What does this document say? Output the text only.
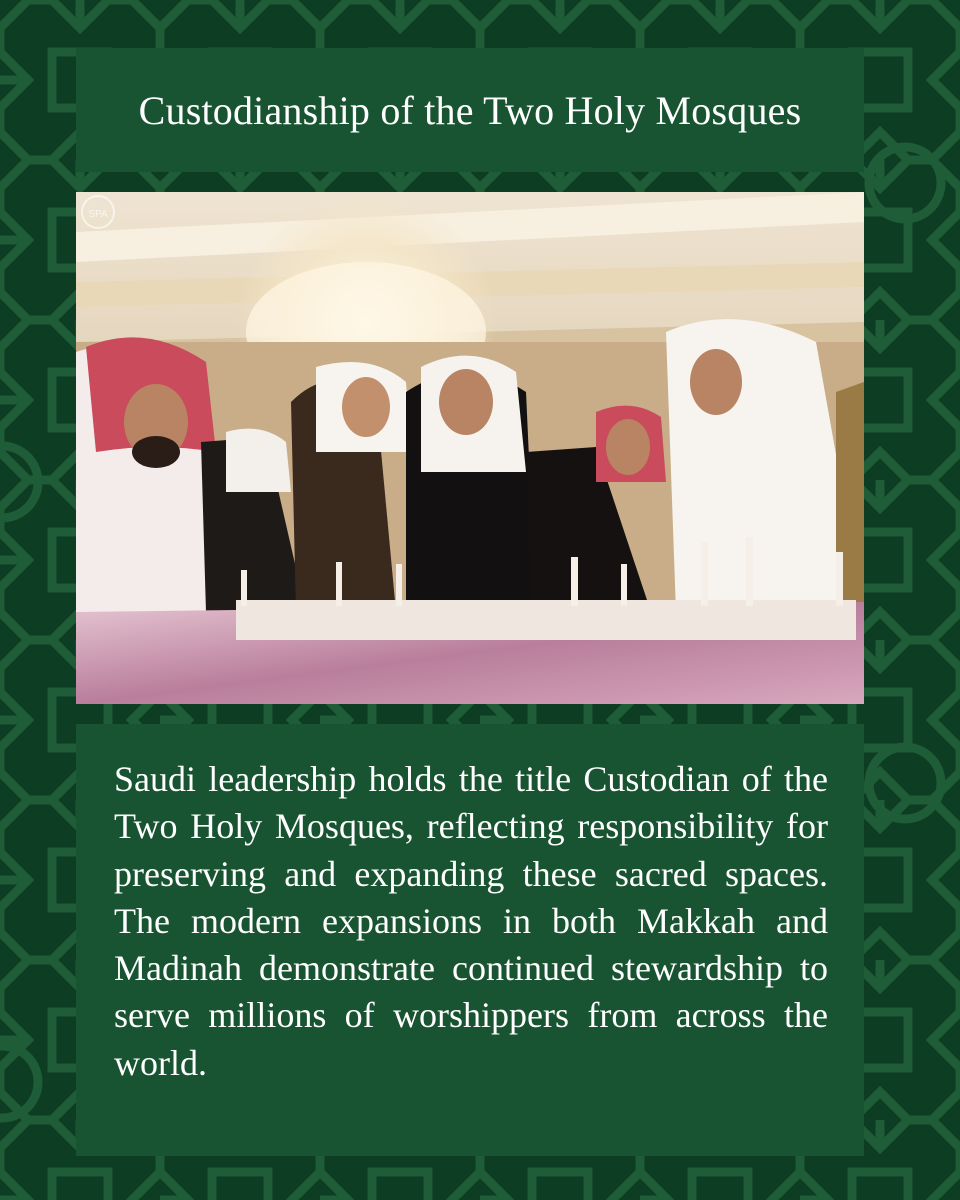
Custodianship of the Two Holy Mosques
SPA

Saudi leadership holds the title Custodian of the Two Holy Mosques, reflecting responsibility for preserving and expanding these sacred spaces. The modern expansions in both Makkah and Madinah demonstrate continued stewardship to serve millions of worshippers from across the world.
